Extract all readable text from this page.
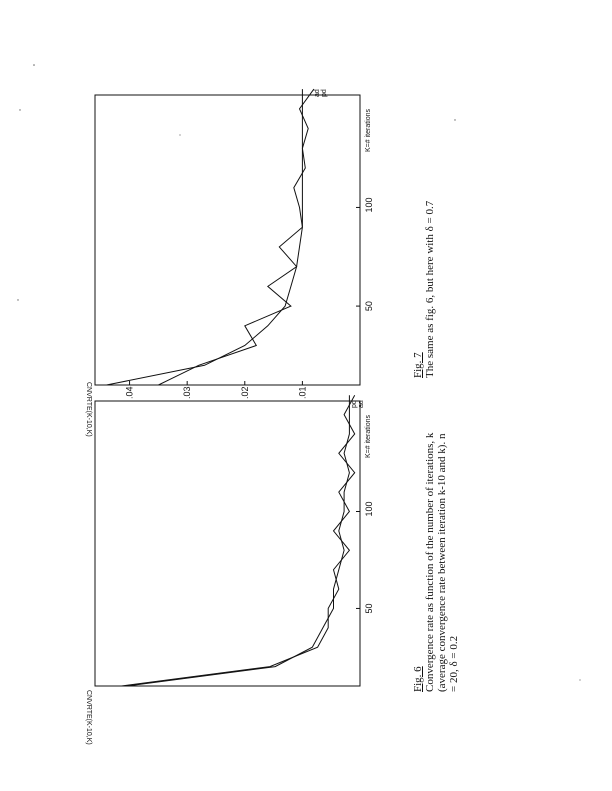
50
100
50
100
.01
.02
.03
.04
CNVRTE(K-10,K)
CNVRTE(K-10,K)	K=# iterations
K=# iterations
pd ad
ad pd
Fig. 6 Convergence rate as function of the number of iterations, k (average convergence rate between iteration k-10 and k). n = 20, δ = 0.2
Fig. 7 The same as fig. 6, but here with δ = 0.7
